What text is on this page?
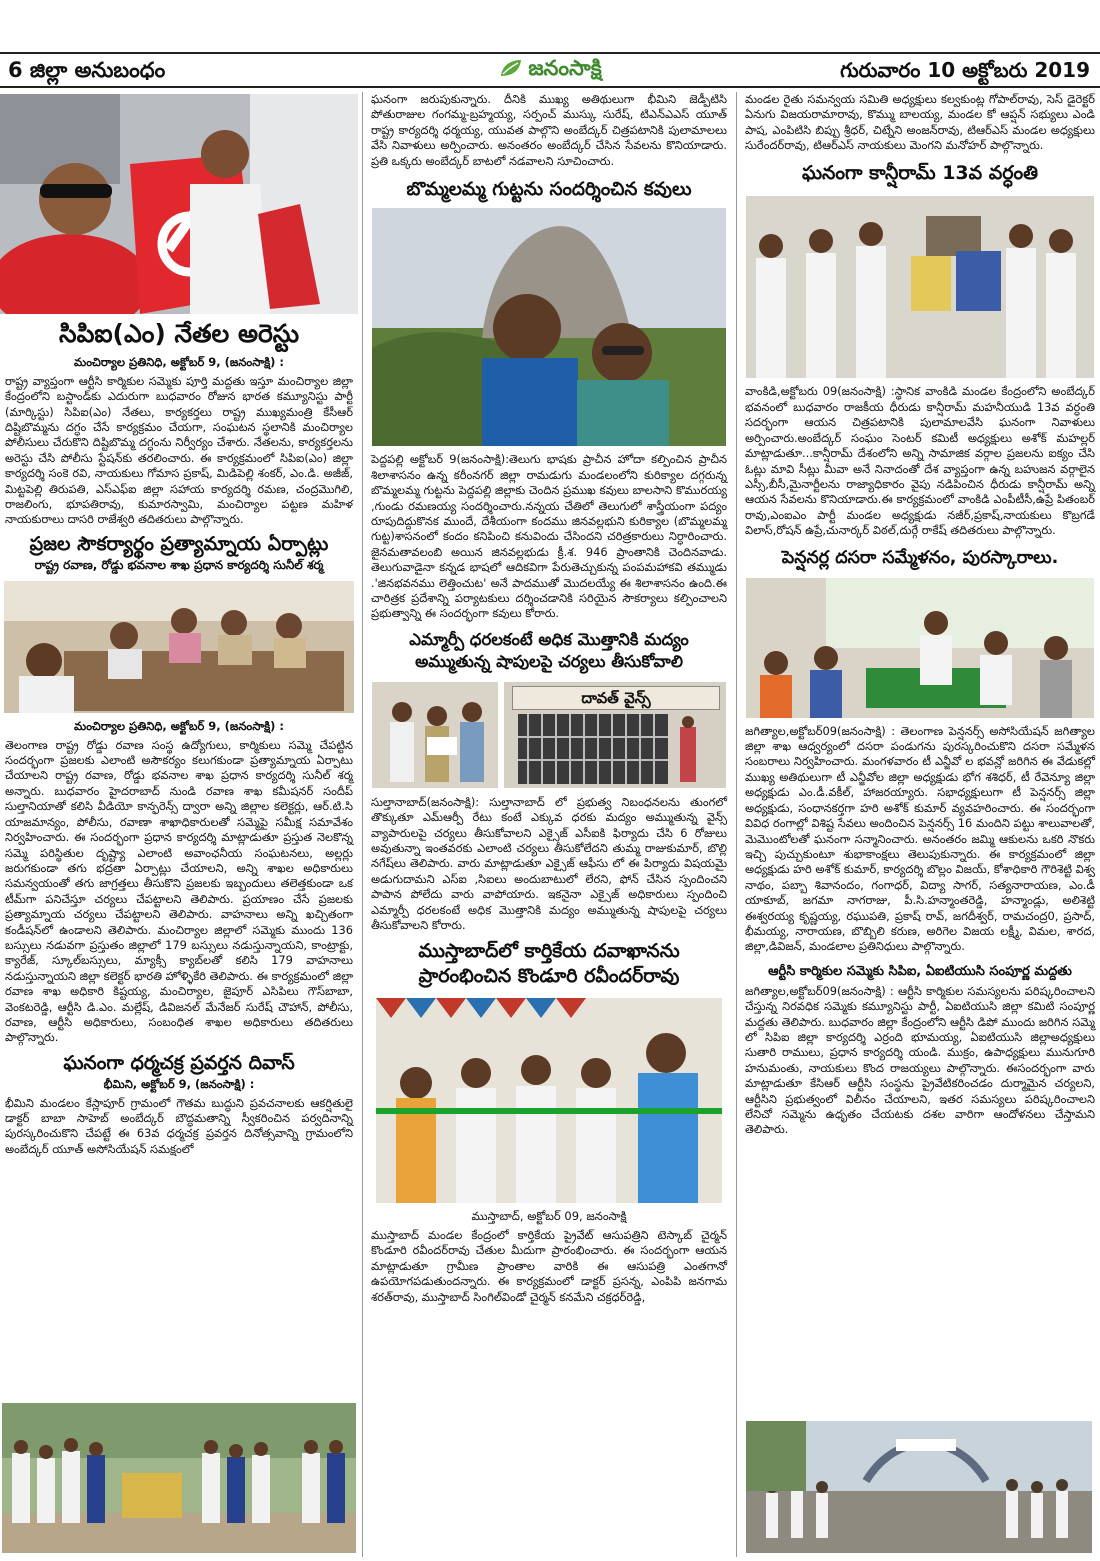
6 జిల్లా అనుబంధం	జనంసాక్షి	గురువారం 10 అక్టోబరు 2019
సిపిఐ(ఎం) నేతల అరెస్టు

మంచిర్యాల ప్రతినిధి, అక్టోబర్‌ 9, (జనంసాక్షి) :

రాష్ట్ర వ్యాప్తంగా ఆర్టీసి కార్మికుల సమ్మెకు పూర్తి మద్దతు ఇస్తూ మంచిర్యాల జిల్లా కేంద్రంలోని బస్టాండ్‌కు ఎదురుగా బుధవారం రోజున భారత కమ్యూనిస్టు పార్టీ (మార్కిస్టు) సిపిఐ(ఎం) నేతలు, కార్యకర్తలు రాష్ట్ర ముఖ్యమంత్రి కేసీఆర్‌ దిష్టిబొమ్మను దగ్ధం చేసే కార్యక్రమం చేయగా, సంఘటన స్థలానికి మంచిర్యాల పోలీసులు చేరుకొని దిష్టిబొమ్మ దగ్ధంను నిర్వీర్యం చేశారు. నేతలను, కార్యకర్తలను అరెస్టు చేసి పోలీసు స్టేషన్‌కు తరలించారు. ఈ కార్యక్రమంలో సిపిఐ(ఎం) జిల్లా కార్యదర్శి సంకె రవి, నాయకులు గోమాస ప్రకాష్‌, మిడిపెల్లి శంకర్‌, ఎం.డి. అజీజ్‌, మిట్టపెల్లి తిరుపతి, ఎస్‌ఎఫ్‌ఐ జిల్లా సహాయ కార్యదర్శి రమణ, చంద్రమొగిలి, రాజలింగు, భూపతిరావు, కుమారస్వామి, మంచిర్యాల పట్టణ మహిళ నాయకురాలు దాసరి రాజేశ్వరి తదితరులు పాల్గొన్నారు.

ప్రజల సౌకర్యార్థం ప్రత్యామ్నాయ ఏర్పాట్లు
రాష్ట్ర రవాణ, రోడ్డు భవనాల శాఖ ప్రధాన కార్యదర్శి సునీల్‌ శర్మ

మంచిర్యాల ప్రతినిధి, అక్టోబర్‌ 9, (జనంసాక్షి) :

తెలంగాణ రాష్ట్ర రోడ్డు రవాణ సంస్థ ఉద్యోగులు, కార్మికులు సమ్మె చేపట్టిన సందర్భంగా ప్రజలకు ఎలాంటి అసౌకర్యం కలుగకుండా ప్రత్యామ్నాయ ఏర్పాటు చేయాలని రాష్ట్ర రవాణ, రోడ్డు భవనాల శాఖ ప్రధాన కార్యదర్శి సునీల్‌ శర్మ అన్నారు. బుధవారం హైదరాబాద్‌ నుండి రవాణ శాఖ కమీషనర్‌ సందీప్‌ సుల్తానియాతో కలిసి వీడియో కాన్ఫరెన్స్‌ ద్వారా అన్ని జిల్లాల కలెక్టర్లు, ఆర్‌.టి.సి యాజమాన్యం, పోలీసు, రవాణా శాఖాధికారులతో సమ్మెపై సమీక్ష సమావేశం నిర్వహించారు. ఈ సందర్భంగా ప్రధాన కార్యదర్శి మాట్లాడుతూ ప్రస్తుత నెలకొన్న సమ్మె పరిస్థితుల దృష్ట్యా ఎలాంటి అవాంఛనీయ సంఘటనలు, అల్లర్లు జరుగకుండా తగు భద్రతా ఏర్పాట్లు చేయాలని, అన్ని శాఖల అధికారులు సమన్వయంతో తగు జాగ్రత్తలు తీసుకొని ప్రజలకు ఇబ్బందులు తలెత్తకుండా ఒక టీమ్‌గా పనిచేస్తూ చర్యలు చేపట్టాలని తెలిపారు. ప్రయాణం చేసే ప్రజలకు ప్రత్యామ్నాయ చర్యలు చేపట్టాలని తెలిపారు. వాహనాలు అన్ని ఖచ్చితంగా కండీషన్‌లో ఉండాలని తెలిపారు. మంచిర్యాల జిల్లాలో సమ్మెకు ముందు 136 బస్సులు నడువగా ప్రస్తుతం జిల్లాలో 179 బస్సులు నడుస్తున్నాయని, కాంట్రాక్టు, క్యారేజ్‌, స్కూల్‌బస్సులు, మ్యాక్సీ క్యాబ్‌లతో కలిసి 179 వాహనాలు నడుస్తున్నాయని జిల్లా కలెక్టర్‌ భారతి హోళ్ళికేరి తెలిపారు. ఈ కార్యక్రమంలో జిల్లా రవాణ శాఖ అధికారి కిష్టయ్య, మంచిర్యాల, జైపూర్‌ ఎసిపిలు గౌస్‌బాబా, వెంకటరెడ్డి, ఆర్టీసి డి.ఎం. మల్లేష్‌, డివిజనల్‌ మేనేజర్‌ సురేష్‌ చౌహాన్‌, పోలీసు, రవాణ, ఆర్టీసి అధికారులు, సంబంధిత శాఖల అధికారులు తదితరులు పాల్గొన్నారు.

ఘనంగా ధర్మచక్ర ప్రవర్తన దివాస్‌

భీమిని, అక్టోబర్‌ 9, (జనంసాక్షి) :

భీమిని మండలం కేస్లాపూర్‌ గ్రామంలో గౌతమ బుద్ధుని ప్రవచనాలకు ఆకర్షితులై డాక్టర్‌ బాబా సాహెబ్‌ అంబేద్కర్‌ బౌద్ధమతాన్ని స్వీకరించిన పర్వదినాన్ని పురస్కరించుకొని చేపట్టే ఈ 63వ ధర్మచక్ర ప్రవర్తన దినోత్సవాన్ని గ్రామంలోని అంబేద్కర్‌ యూత్‌ అసోసియేషన్‌ సమక్షంలో

ఘనంగా జరుపుకున్నారు. దీనికి ముఖ్య అతిథులుగా భీమిని జెడ్పీటిసి పోతురాజుల గంగమ్మ-బ్రహ్మయ్య, సర్పంచ్‌ ముస్కు సురేష్‌, టిఎన్‌ఎఎస్‌ యూత్‌ రాష్ట్ర కార్యదర్శి ధర్మయ్య, యువత పాల్గొని అంబేద్కర్‌ చిత్రపటానికి పులామాలలు వేసి నివాళులు అర్పించారు. అనంతరం అంబేద్కర్‌ చేసిన సేవలను కొనియాడారు. ప్రతి ఒక్కరు అంబేద్కర్‌ బాటలో నడవాలని సూచించారు.

బొమ్మలమ్మ గుట్టను సందర్శించిన కవులు

పెద్దపల్లి అక్టోబర్‌ 9(జనంసాక్షి):తెలుగు భాషకు ప్రాచీన హోదా కల్పించిన ప్రాచీన శిలాశాసనం ఉన్న కరీంనగర్‌ జిల్లా రామడుగు మండలంలోని కురిక్యాల దగ్గరున్న బొమ్మలమ్మ గుట్టను పెద్దపల్లి జిల్లాకు చెందిన ప్రముఖ కవులు బాలసాని కొమురయ్య ,గుండు రమణయ్య సందర్శించారు.నన్నయ చేతిలో తెలుగులో శాస్త్రీయంగా పద్యం రూపుదిద్దుకొనక ముందే, దేశీయంగా కందము జినవల్లభుని కురిక్యాల (బొమ్మలమ్మ గుట్ట)శాసనంలో కందం కనిపించి కనువిందు చేసిందని చరిత్రకారులు నిర్ధారించారు. జైనమతావలంబి అయిన జినవల్లభుడు క్రీ.శ. 946 ప్రాంతానికి చెందినవాడు. తెలుగువాడైనా కన్నడ భాషలో ఆదికవిగా పేరుతెచ్చుకున్న పంపమహాకవి తమ్ముడు .'జినభవనము లెత్తించుట' అనే పాదముతో మొదలయ్యే ఈ శిలాశాసనం ఉంది.ఈ చారిత్రక ప్రదేశాన్ని పర్యాటకులు దర్శించడానికి సరియైన సౌకర్యాలు కల్పించాలని ప్రభుత్వాన్ని ఈ సందర్భంగా కవులు కోరారు.

ఎమ్మార్పీ ధరలకంటే అధిక మొత్తానికి మద్యం
అమ్ముతున్న షాపులపై చర్యలు తీసుకోవాలి
దావత్‌ వైన్స్‌

సుల్తానాబాద్‌(జనంసాక్షి): సుల్తానాబాద్‌ లో ప్రభుత్వ నిబంధనలను తుంగలో తొక్కుతూ ఎమ్‌ఆర్పీ రేటు కంటే ఎక్కువ ధరకు మద్యం అమ్ముతున్న వైన్స్‌ వ్యాపారులపై చర్యలు తీసుకోవాలని ఎక్సైజ్‌ ఎసీఐకి ఫిర్యాదు చేసి 6 రోజులు అవుతున్నా ఇంతవరకు ఎలాంటి చర్యలు తీసుకోలేదని తుమ్మ రాజుకుమార్‌, బొల్లి నగేష్‌లు తెలిపారు. వారు మాట్లాడుతూ ఎక్సైజ్‌ ఆఫీసు లో ఈ పిర్యాదు విషయమై అడుగుదామని ఎస్‌ఐ ,సిఐలు అందుబాటులో లేరని, ఫోన్‌ చేసిన స్పందించని పాపాన పోలేదు వారు వాపోయారు. ఇకనైనా ఎక్సైజ్‌ అధికారులు స్పందించి ఎమ్మార్పీ ధరలకంటే అధిక మొత్తానికి మద్యం అమ్ముతున్న షాపులపై చర్యలు తీసుకోవాలని కోరారు.

ముస్తాబాద్‌లో కార్తికేయ దవాఖానను
ప్రారంభించిన కొండూరి రవీందర్‌రావు

ముస్తాబాద్‌, అక్టోబర్‌ 09, జనంసాక్షి

ముస్తాబాద్‌ మండల కేంద్రంలో కార్తికేయ ప్రైవేట్‌ ఆసుపత్రిని టెస్కాబ్‌ చైర్మన్‌ కొండూరి రవీందర్‌రావు చేతుల మీదుగా ప్రారంభించారు. ఈ సందర్భంగా ఆయన మాట్లాడుతూ గ్రామీణ ప్రాంతాల వారికి ఈ ఆసుపత్రి ఎంతగానో ఉపయోగపడుతుందన్నారు. ఈ కార్యక్రమంలో డాక్టర్‌ ప్రసన్న, ఎంపిపి జనగామ శరత్‌రావు, ముస్తాబాద్‌ సింగిల్‌విండో చైర్మన్‌ కనమేని చక్రధర్‌రెడ్డి,

మండల రైతు సమన్వయ సమితి అధ్యక్షులు కల్వకుంట్ల గోపాల్‌రావు, సెస్‌ డైరెక్టర్‌ ఏనుగు విజయరామారావు, కొమ్ము బాలయ్య, మండల కో ఆప్షన్‌ సభ్యులు ఎండి పాష, ఎంపిటిసి బిప్పు శ్రీధర్‌, చిట్నేని అంజన్‌రావు, టిఆర్‌ఎస్‌ మండల అధ్యక్షులు సురేందర్‌రావు, టిఆర్‌ఎస్‌ నాయకులు మెంగని మనోహర్‌ పాల్గొన్నారు.

ఘనంగా కాన్షీరామ్‌ 13వ వర్ధంతి

వాంకిడి,అక్టోబరు 09(జనంసాక్షి) :స్థానిక వాంకిడి మండల కేంద్రంలోని అంబేద్కర్‌ భవనంలో బుధవారం రాజకీయ ధీరుడు కాన్షీరామ్‌ మహనీయుడి 13వ వర్ధంతి సదర్భంగా ఆయన చిత్రపటానికి పులామాలవేసి ఘనంగా నివాళులు అర్పించారు.అంబేద్కర్‌ సంఘం సెంటర్‌ కమిటీ అధ్యక్షులు అశోక్‌ మహల్లర్‌ మాట్లాడుతూ...కాన్షీరామ్‌ దేశంలోని అన్ని సామాజిక వర్గాల ప్రజలను ఐక్యం చేసి ఓట్లు మావి సీట్లు మీవా అనే నినాదంతో దేశ వ్యాప్తంగా ఉన్న బహుజన వర్గాలైన ఎస్సీ,బీసీ,మైనార్టీలను రాజ్యాధికారం వైపు నడిపించిన ధీరుడు కాన్షీరామ్‌ అన్ని ఆయన సేవలను కొనియాడారు.ఈ కార్యక్రమంలో వాంకిడి ఎంపీటీసీ,ఉప్రే పితంబర్‌ రావు,ఎంఐఎం పార్టీ మండల అధ్యక్షుడు నజీర్‌,ప్రకాష్‌,నాయకులు కొబ్రగడే విలాస్‌,రోషన్‌ ఉప్రే,చునార్కర్‌ విఠల్‌,దుర్గే రాకేష్‌ తదితరులు పాల్గొన్నారు.

పెన్షనర్ల దసరా సమ్మేళనం, పురస్కారాలు.

జగిత్యాల,అక్టోబర్‌09(జనంసాక్షి) : తెలంగాణ పెన్షనర్స్‌ అసోసియేషన్‌ జగిత్యాల జిల్లా శాఖ ఆధ్వర్యంలో దసరా పండుగను పురస్కరించుకొని దసరా సమ్మేళన సంబరాలు నిర్వహించారు. మంగళవారం టీ ఎన్జీవో ల భవన్లో జరిగిన ఈ వేడుకల్లో ముఖ్య అతిథులుగా టీ ఎన్జీవోల జిల్లా అధ్యక్షుడు భోగ శశిధర్‌, టీ రేవెన్యూ జిల్లా అధ్యక్షుడు ఎం.డీ.వకీల్‌, హాజరయ్యారు. సభాధ్యక్షులుగా టీ పెన్షనర్స్‌ జిల్లా అధ్యక్షుడు, సంధానకర్తగా హరి అశోక్‌ కుమార్‌ వ్యవహరించారు. ఈ సందర్భంగా వివిధ రంగాల్లో విశిష్ట సేవలు అందించిన పెన్షనర్స్‌ 16 మందిని పట్టు శాలువాలతో, మెమొంటోలతో ఘనంగా సన్మానించారు. అనంతరం జమ్మి ఆకులను ఒకరి నొకరు ఇచ్చి పుచ్చుకుంటూ శుభాకాంక్షలు తెలుపుకున్నారు. ఈ కార్యక్రమంలో జిల్లా అధ్యక్షుడు హరి అశోక్‌ కుమార్‌, కార్యదర్శి బొల్లం విజయ్‌, కోశాధికారి గౌరిశెట్టి విశ్వ నాథం, పబ్బా శివానందం, గంగాధర్‌, విద్యా సాగర్‌, సత్యనారాయణ, ఎం.డీ యాకూబ్‌, జగమా నాగరాజు, పీ.సి.హన్మాంతరెడ్డి, హన్మాండ్లు, అలిశెట్టి ఈశ్వరయ్య కృష్ణయ్య, రఘుపతి, ప్రకాష్‌ రావ్‌, జగదీశ్వర్‌, రామచంద్ర0, ప్రసాద్‌, భీమయ్య, నారాయణ, బొబ్బిలి కరుణ, అరిగెల విజయ లక్ష్మీ, విమల, శారద, జిల్లా,డివిజన్‌, మండలాల ప్రతినిధులు పాల్గొన్నారు.

ఆర్టీసి కార్మికుల సమ్మెకు సిపిఐ, ఏఐటియుసి సంపూర్ణ మద్దతు

జగిత్యాల,అక్టోబర్‌09(జనంసాక్షి) : ఆర్టీసి కార్మికుల సమస్యలను పరిష్కరించాలని చేస్తున్న నిరవధిక సమ్మెకు కమ్యూనిస్టు పార్టీ, ఏఐటియుసి జిల్లా కమిటి సంపూర్ణ మద్దతు తెలిపారు. బుధవారం జిల్లా కేంద్రంలోని ఆర్టీసి డిపో ముందు జరిగిన సమ్మె లో సిపిఐ జిల్లా కార్యదర్శి ఎర్రంది భూమయ్య, ఏఐటియుసి జిల్లాఅధ్యక్షులు సుతారి రాములు, ప్రధాన కార్యదర్శి యండి. ముక్రం, ఉపాధ్యక్షులు మునుగూరి హనుమంతు, నాయకులు కొంద రాజయ్యలు పాల్గొన్నారు. ఈసందర్భంగా వారు మాట్లాడుతూ కేసిఆర్‌ ఆర్టీసి సంస్థను ప్రైవేటికరించడం దుర్మామైన చర్యలని, ఆర్టీసిని ప్రభుత్వంలో విలీనం చేయాలని, ఇతర సమస్యలు పరిష్కరించాలని లేనిచో సమ్మెను ఉధృతం చేయటకు దశల వారిగా ఆందోళనలు చేస్తామని తెలిపారు.
